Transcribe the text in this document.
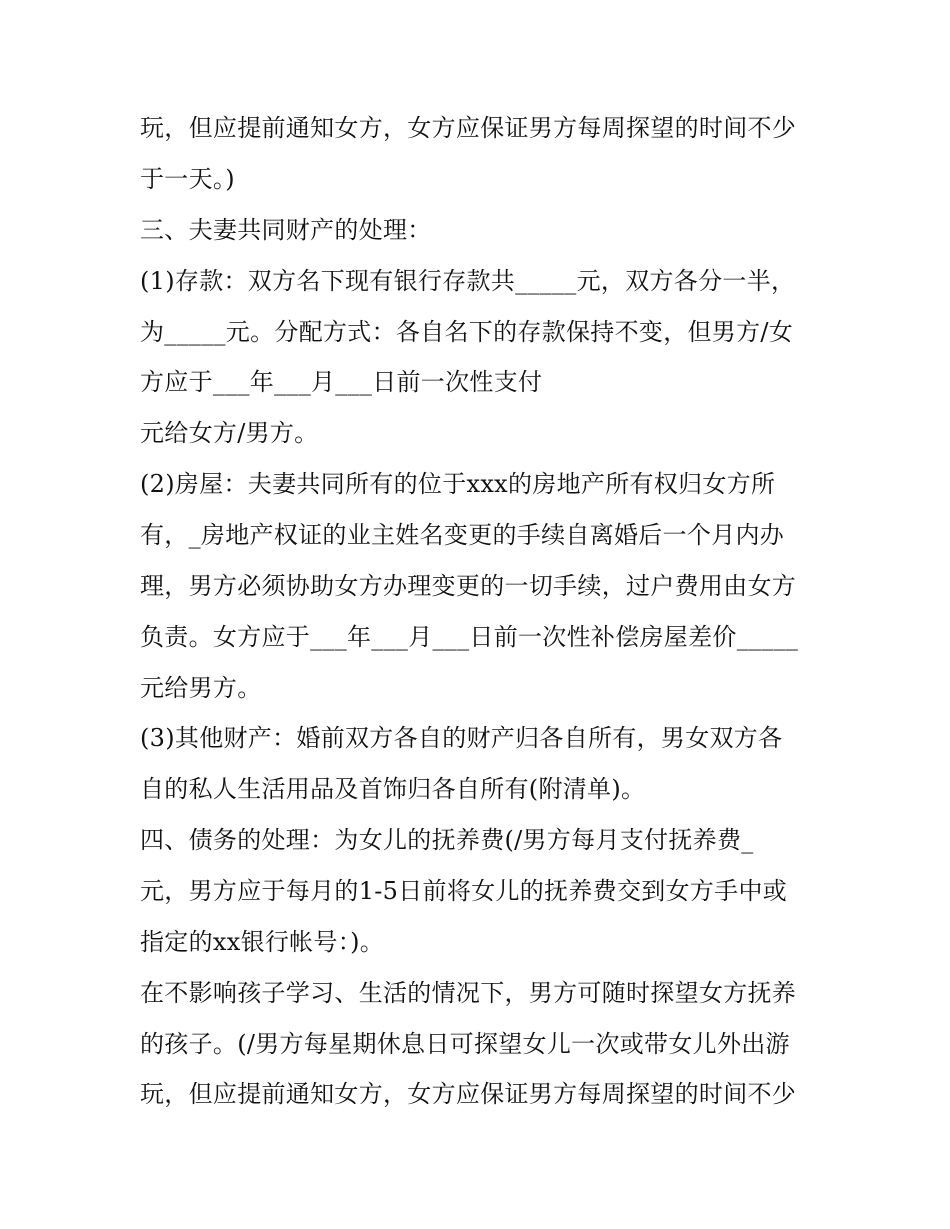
玩，但应提前通知女方，女方应保证男方每周探望的时间不少
于一天。)
三、夫妻共同财产的处理：
(1)存款：双方名下现有银行存款共_____元，双方各分一半，
为_____元。分配方式：各自名下的存款保持不变，但男方/女
方应于___年___月___日前一次性支付
元给女方/男方。
(2)房屋：夫妻共同所有的位于xxx的房地产所有权归女方所
有，_房地产权证的业主姓名变更的手续自离婚后一个月内办
理，男方必须协助女方办理变更的一切手续，过户费用由女方
负责。女方应于___年___月___日前一次性补偿房屋差价_____
元给男方。
(3)其他财产：婚前双方各自的财产归各自所有，男女双方各
自的私人生活用品及首饰归各自所有(附清单)。
四、债务的处理：为女儿的抚养费(/男方每月支付抚养费_
元，男方应于每月的1-5日前将女儿的抚养费交到女方手中或
指定的xx银行帐号：)。
在不影响孩子学习、生活的情况下，男方可随时探望女方抚养
的孩子。(/男方每星期休息日可探望女儿一次或带女儿外出游
玩，但应提前通知女方，女方应保证男方每周探望的时间不少
